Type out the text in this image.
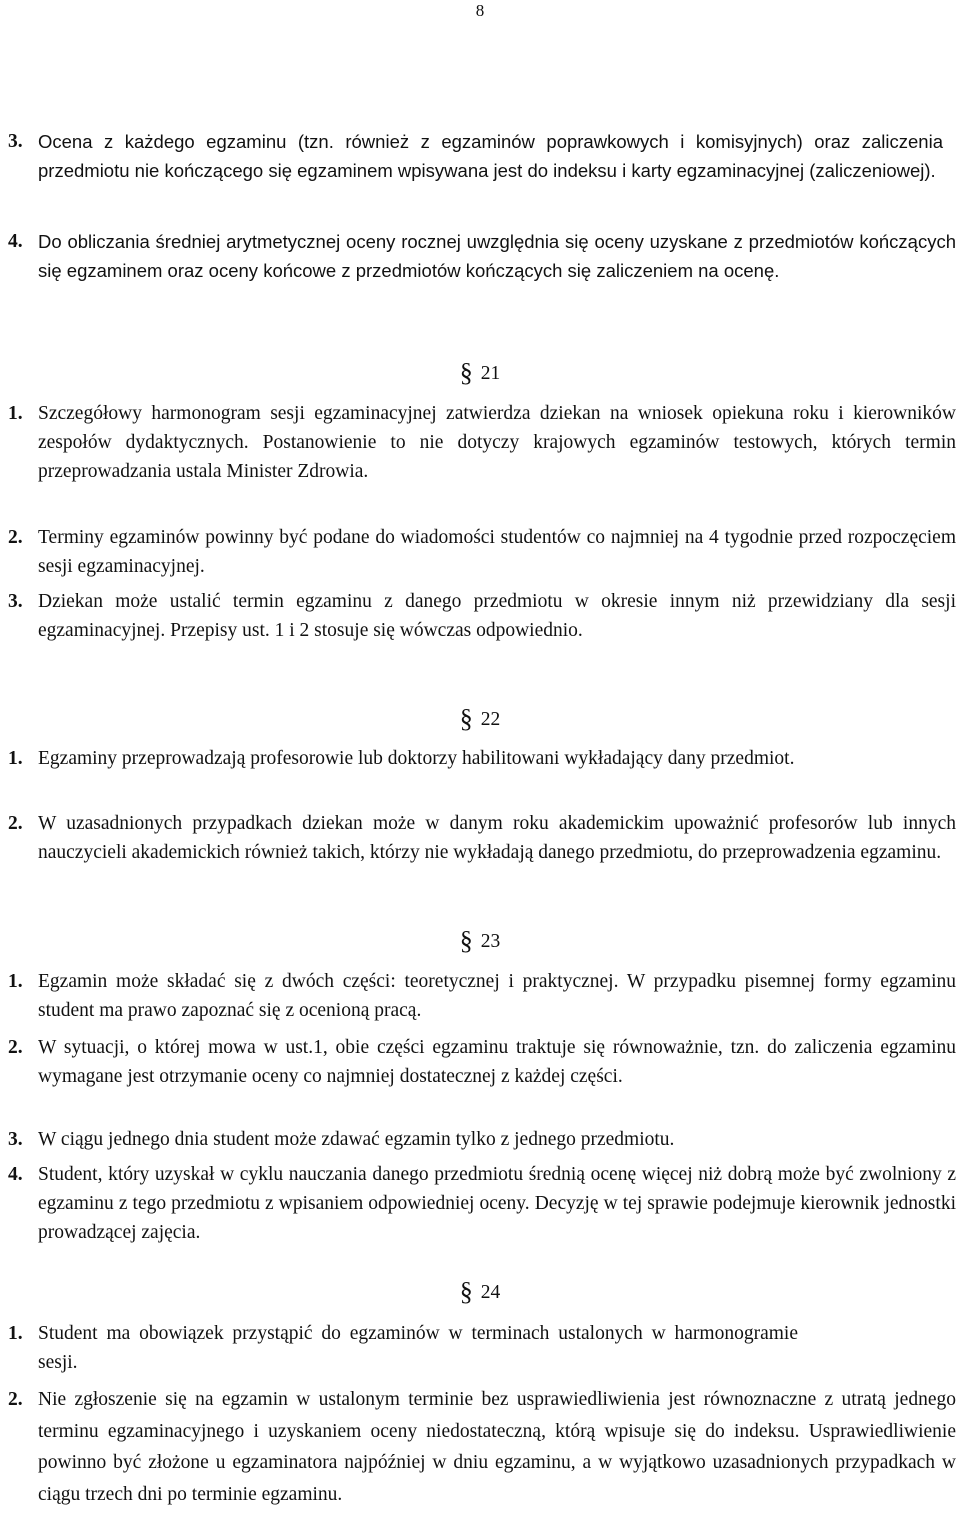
8
3. Ocena z każdego egzaminu (tzn. również z egzaminów poprawkowych i komisyjnych) oraz zaliczenia przedmiotu nie kończącego się egzaminem wpisywana jest do indeksu i karty egzaminacyjnej (zaliczeniowej).
4. Do obliczania średniej arytmetycznej oceny rocznej uwzględnia się oceny uzyskane z przedmiotów kończących się egzaminem oraz oceny końcowe z przedmiotów kończących się zaliczeniem na ocenę.
§ 21
1. Szczegółowy harmonogram sesji egzaminacyjnej zatwierdza dziekan na wniosek opiekuna roku i kierowników zespołów dydaktycznych. Postanowienie to nie dotyczy krajowych egzaminów testowych, których termin przeprowadzania ustala Minister Zdrowia.
2. Terminy egzaminów powinny być podane do wiadomości studentów co najmniej na 4 tygodnie przed rozpoczęciem sesji egzaminacyjnej.
3. Dziekan może ustalić termin egzaminu z danego przedmiotu w okresie innym niż przewidziany dla sesji egzaminacyjnej. Przepisy ust. 1 i 2 stosuje się wówczas odpowiednio.
§ 22
1. Egzaminy przeprowadzają profesorowie lub doktorzy habilitowani wykładający dany przedmiot.
2. W uzasadnionych przypadkach dziekan może w danym roku akademickim upoważnić profesorów lub innych nauczycieli akademickich również takich, którzy nie wykładają danego przedmiotu, do przeprowadzenia egzaminu.
§ 23
1. Egzamin może składać się z dwóch części: teoretycznej i praktycznej. W przypadku pisemnej formy egzaminu student ma prawo zapoznać się z ocenioną pracą.
2. W sytuacji, o której mowa w ust.1, obie części egzaminu traktuje się równoważnie, tzn. do zaliczenia egzaminu wymagane jest otrzymanie oceny co najmniej dostatecznej z każdej części.
3. W ciągu jednego dnia student może zdawać egzamin tylko z jednego przedmiotu.
4. Student, który uzyskał w cyklu nauczania danego przedmiotu średnią ocenę więcej niż dobrą może być zwolniony z egzaminu z tego przedmiotu z wpisaniem odpowiedniej oceny. Decyzję w tej sprawie podejmuje kierownik jednostki prowadzącej zajęcia.
§ 24
1. Student ma obowiązek przystąpić do egzaminów w terminach ustalonych w harmonogramie sesji.
2. Nie zgłoszenie się na egzamin w ustalonym terminie bez usprawiedliwienia jest równoznaczne z utratą jednego terminu egzaminacyjnego i uzyskaniem oceny niedostateczną, którą wpisuje się do indeksu. Usprawiedliwienie powinno być złożone u egzaminatora najpóźniej w dniu egzaminu, a w wyjątkowo uzasadnionych przypadkach w ciągu trzech dni po terminie egzaminu.
